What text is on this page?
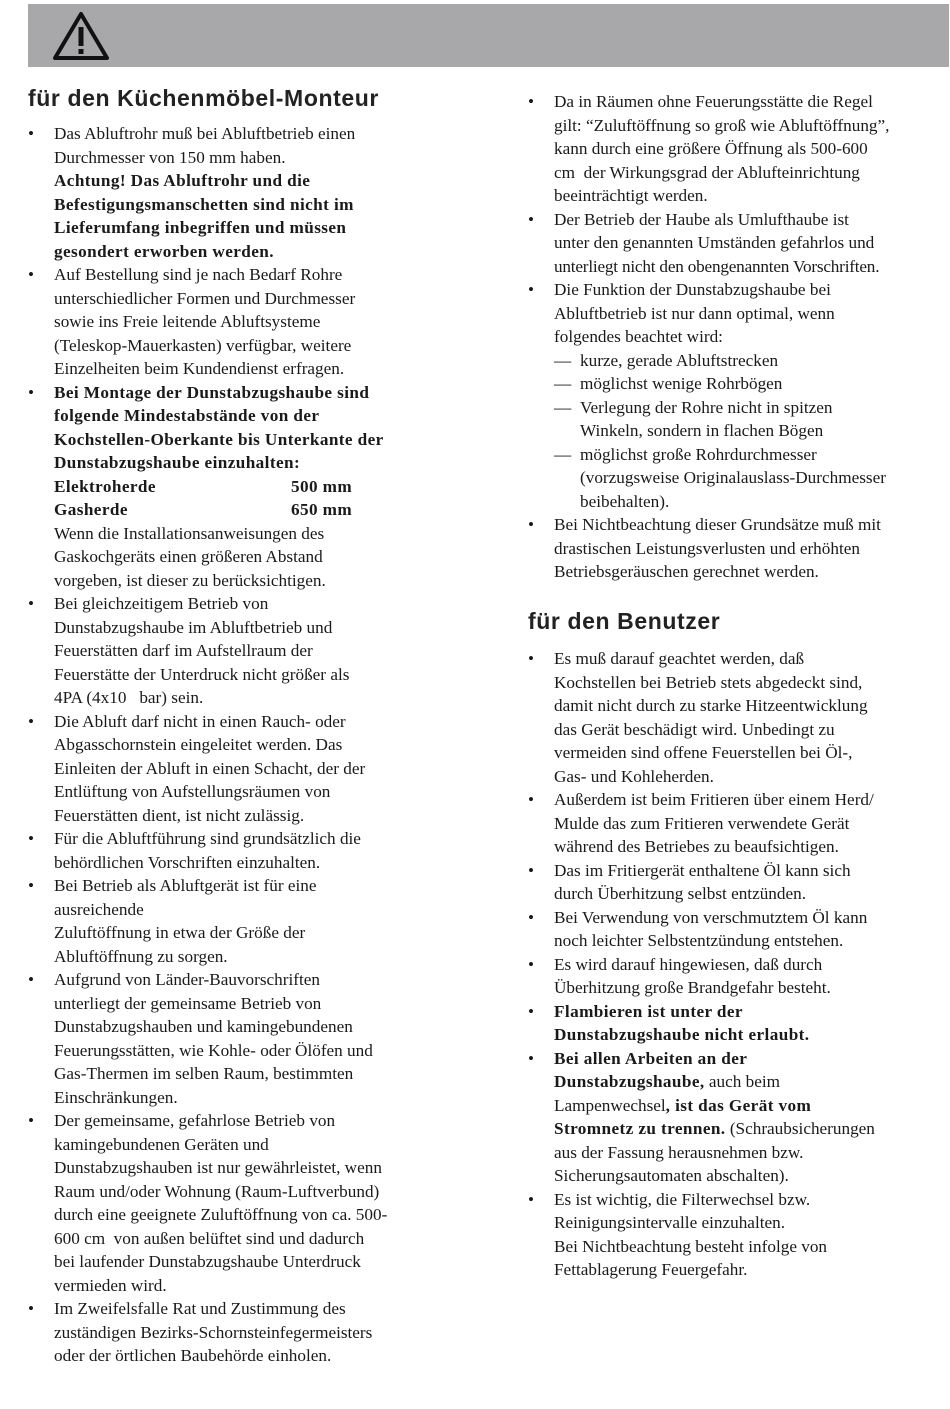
für den Küchenmöbel-Monteur
• Das Abluftrohr muß bei Abluftbetrieb einen
Durchmesser von 150 mm haben.
Achtung! Das Abluftrohr und die
Befestigungsmanschetten sind nicht im
Lieferumfang inbegriffen und müssen
gesondert erworben werden.
• Auf Bestellung sind je nach Bedarf Rohre
unterschiedlicher Formen und Durchmesser
sowie ins Freie leitende Abluftsysteme
(Teleskop-Mauerkasten) verfügbar, weitere
Einzelheiten beim Kundendienst erfragen.
• Bei Montage der Dunstabzugshaube sind
folgende Mindestabstände von der
Kochstellen-Oberkante bis Unterkante der
Dunstabzugshaube einzuhalten:
Elektroherde	500 mm
Gasherde	650 mm
Wenn die Installationsanweisungen des
Gaskochgeräts einen größeren Abstand
vorgeben, ist dieser zu berücksichtigen.
• Bei gleichzeitigem Betrieb von
Dunstabzugshaube im Abluftbetrieb und
Feuerstätten darf im Aufstellraum der
Feuerstätte der Unterdruck nicht größer als
4PA (4x10   bar) sein.
• Die Abluft darf nicht in einen Rauch- oder
Abgasschornstein eingeleitet werden. Das
Einleiten der Abluft in einen Schacht, der der
Entlüftung von Aufstellungsräumen von
Feuerstätten dient, ist nicht zulässig.
• Für die Abluftführung sind grundsätzlich die
behördlichen Vorschriften einzuhalten.
• Bei Betrieb als Abluftgerät ist für eine
ausreichende
Zuluftöffnung in etwa der Größe der
Abluftöffnung zu sorgen.
• Aufgrund von Länder-Bauvorschriften
unterliegt der gemeinsame Betrieb von
Dunstabzugshauben und kamingebundenen
Feuerungsstätten, wie Kohle- oder Ölöfen und
Gas-Thermen im selben Raum, bestimmten
Einschränkungen.
• Der gemeinsame, gefahrlose Betrieb von
kamingebundenen Geräten und
Dunstabzugshauben ist nur gewährleistet, wenn
Raum und/oder Wohnung (Raum-Luftverbund)
durch eine geeignete Zuluftöffnung von ca. 500-
600 cm  von außen belüftet sind und dadurch
bei laufender Dunstabzugshaube Unterdruck
vermieden wird.
• Im Zweifelsfalle Rat und Zustimmung des
zuständigen Bezirks-Schornsteinfegermeisters
oder der örtlichen Baubehörde einholen.
• Da in Räumen ohne Feuerungsstätte die Regel
gilt: “Zuluftöffnung so groß wie Abluftöffnung”,
kann durch eine größere Öffnung als 500-600
cm  der Wirkungsgrad der Ablufteinrichtung
beeinträchtigt werden.
• Der Betrieb der Haube als Umlufthaube ist
unter den genannten Umständen gefahrlos und
unterliegt nicht den obengenannten Vorschriften.
• Die Funktion der Dunstabzugshaube bei
Abluftbetrieb ist nur dann optimal, wenn
folgendes beachtet wird:
— kurze, gerade Abluftstrecken
— möglichst wenige Rohrbögen
— Verlegung der Rohre nicht in spitzen
Winkeln, sondern in flachen Bögen
— möglichst große Rohrdurchmesser
(vorzugsweise Originalauslass-Durchmesser
beibehalten).
• Bei Nichtbeachtung dieser Grundsätze muß mit
drastischen Leistungsverlusten und erhöhten
Betriebsgeräuschen gerechnet werden.
für den Benutzer
• Es muß darauf geachtet werden, daß
Kochstellen bei Betrieb stets abgedeckt sind,
damit nicht durch zu starke Hitzeentwicklung
das Gerät beschädigt wird. Unbedingt zu
vermeiden sind offene Feuerstellen bei Öl-,
Gas- und Kohleherden.
• Außerdem ist beim Fritieren über einem Herd/
Mulde das zum Fritieren verwendete Gerät
während des Betriebes zu beaufsichtigen.
• Das im Fritiergerät enthaltene Öl kann sich
durch Überhitzung selbst entzünden.
• Bei Verwendung von verschmutztem Öl kann
noch leichter Selbstentzündung entstehen.
• Es wird darauf hingewiesen, daß durch
Überhitzung große Brandgefahr besteht.
• Flambieren ist unter der
Dunstabzugshaube nicht erlaubt.
• Bei allen Arbeiten an der
Dunstabzugshaube, auch beim
Lampenwechsel, ist das Gerät vom
Stromnetz zu trennen. (Schraubsicherungen
aus der Fassung herausnehmen bzw.
Sicherungsautomaten abschalten).
• Es ist wichtig, die Filterwechsel bzw.
Reinigungsintervalle einzuhalten.
Bei Nichtbeachtung besteht infolge von
Fettablagerung Feuergefahr.
